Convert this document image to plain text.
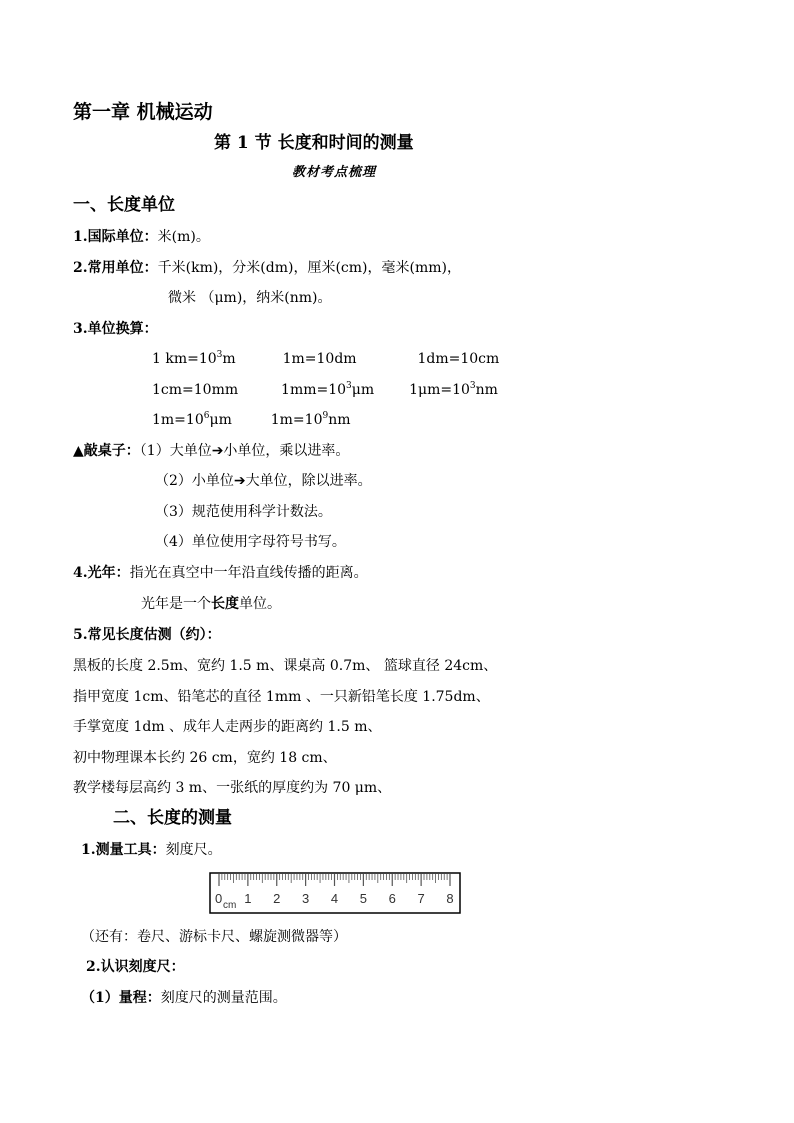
第一章 机械运动
第 1 节 长度和时间的测量
教材考点梳理
一、长度单位
1.国际单位：米(m)。
2.常用单位：千米(km)，分米(dm)，厘米(cm)，毫米(mm)，
微米 （μm)，纳米(nm)。
3.单位换算：
1 $km=10^3m$	1m=10dm	1dm=10cm
1cm=10mm	$1mm=10^3\mu m$ $1\mu m=10^3nm$
$1m=10^6\mu m$	$1m=10^9nm$
▲敲桌子：（1）大单位➔小单位，乘以进率。
（2）小单位➔大单位，除以进率。
（3）规范使用科学计数法。
（4）单位使用字母符号书写。
4.光年：指光在真空中一年沿直线传播的距离。
光年是一个长度单位。
5.常见长度估测（约）：
黑板的长度 2.5m、宽约 1.5 m、课桌高 0.7m、 篮球直径 24cm、
指甲宽度 1cm、铅笔芯的直径 1mm 、一只新铅笔长度 1.75dm、
手掌宽度 1dm 、成年人走两步的距离约 1.5 m、
初中物理课本长约 26 cm，宽约 18 cm、
教学楼每层高约 3 m、一张纸的厚度约为 70 μm、
二、长度的测量
1.测量工具：刻度尺。
0 1 2 3 4 5 6 7 8
cm
（还有：卷尺、游标卡尺、螺旋测微器等）
2.认识刻度尺：
（1）量程：刻度尺的测量范围。
